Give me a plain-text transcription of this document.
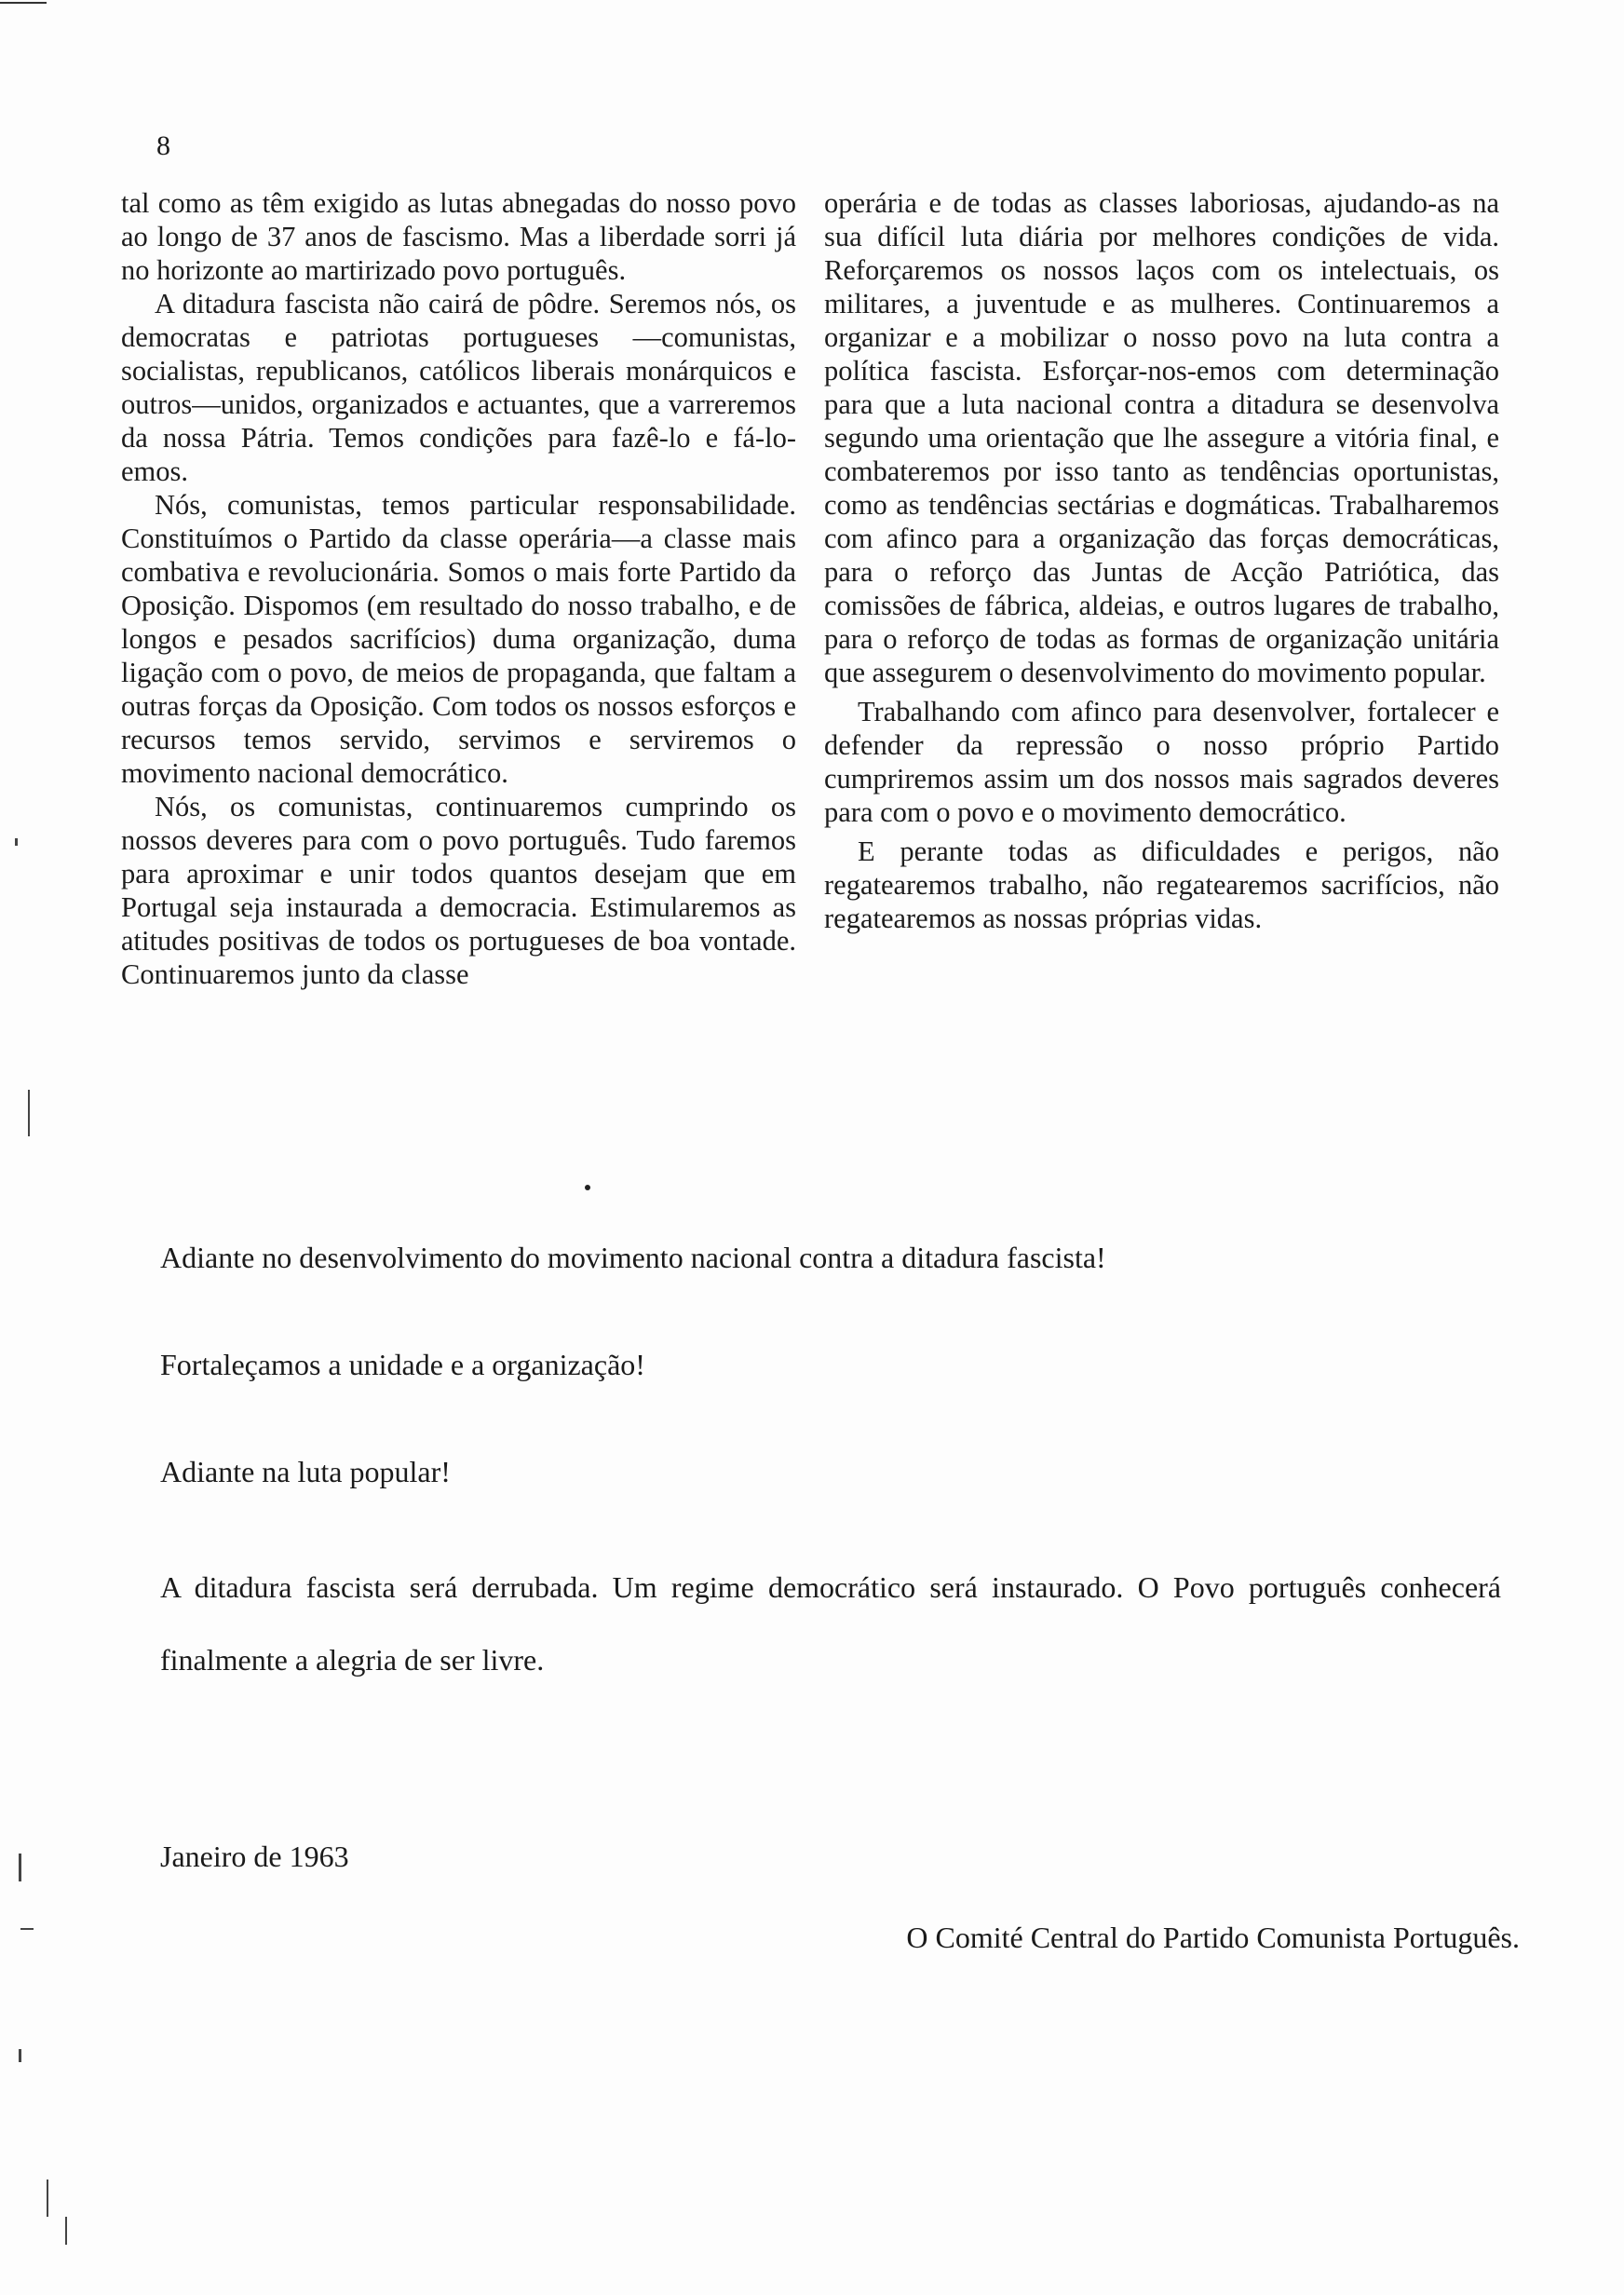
8

tal como as têm exigido as lutas abnegadas do nosso povo ao longo de 37 anos de fascismo. Mas a liberdade sorri já no horizonte ao martirizado povo português.

A ditadura fascista não cairá de pôdre. Seremos nós, os democratas e patriotas portugueses —comunistas, socialistas, republicanos, católicos liberais monárquicos e outros—unidos, organizados e actuantes, que a varreremos da nossa Pátria. Temos condições para fazê-lo e fá-lo-emos.

Nós, comunistas, temos particular responsabilidade. Constituímos o Partido da classe operária—a classe mais combativa e revolucionária. Somos o mais forte Partido da Oposição. Dispomos (em resultado do nosso trabalho, e de longos e pesados sacrifícios) duma organização, duma ligação com o povo, de meios de propaganda, que faltam a outras forças da Oposição. Com todos os nossos esforços e recursos temos servido, servimos e serviremos o movimento nacional democrático.

Nós, os comunistas, continuaremos cumprindo os nossos deveres para com o povo português. Tudo faremos para aproximar e unir todos quantos desejam que em Portugal seja instaurada a democracia. Estimularemos as atitudes positivas de todos os portugueses de boa vontade. Continuaremos junto da classe

operária e de todas as classes laboriosas, ajudando-as na sua difícil luta diária por melhores condições de vida. Reforçaremos os nossos laços com os intelectuais, os militares, a juventude e as mulheres. Continuaremos a organizar e a mobilizar o nosso povo na luta contra a política fascista. Esforçar-nos-emos com determinação para que a luta nacional contra a ditadura se desenvolva segundo uma orientação que lhe assegure a vitória final, e combateremos por isso tanto as tendências oportunistas, como as tendências sectárias e dogmáticas. Trabalharemos com afinco para a organização das forças democráticas, para o reforço das Juntas de Acção Patriótica, das comissões de fábrica, aldeias, e outros lugares de trabalho, para o reforço de todas as formas de organização unitária que assegurem o desenvolvimento do movimento popular.

Trabalhando com afinco para desenvolver, fortalecer e defender da repressão o nosso próprio Partido cumpriremos assim um dos nossos mais sagrados deveres para com o povo e o movimento democrático.

E perante todas as dificuldades e perigos, não regatearemos trabalho, não regatearemos sacrifícios, não regatearemos as nossas próprias vidas.

Adiante no desenvolvimento do movimento nacional contra a ditadura fascista!

Fortaleçamos a unidade e a organização!

Adiante na luta popular!

A ditadura fascista será derrubada. Um regime democrático será instaurado. O Povo português conhecerá finalmente a alegria de ser livre.

Janeiro de 1963
O Comité Central do Partido Comunista Português.
